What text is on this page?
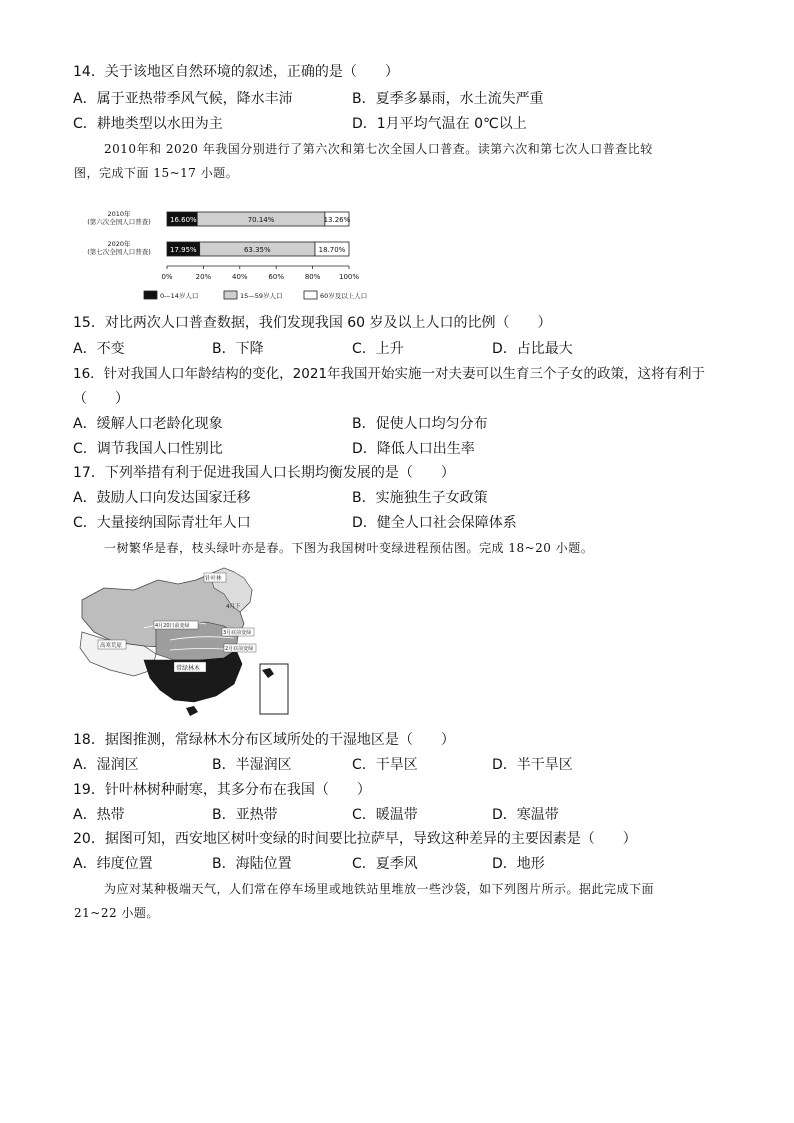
14．关于该地区自然环境的叙述，正确的是（　　）
A．属于亚热带季风气候，降水丰沛	B．夏季多暴雨，水土流失严重
C．耕地类型以水田为主	D．1月平均气温在 0℃以上
2010年和 2020 年我国分别进行了第六次和第七次全国人口普查。读第六次和第七次人口普查比较
图，完成下面 15~17 小题。
2010年
(第六次全国人口普查)
2020年
(第七次全国人口普查)
16.60%	70.14%	13.26%
17.95%	63.35%	18.70%
0%	20%	40%	60%	80%	100%
0—14岁人口	15—59岁人口	60岁及以上人口
15．对比两次人口普查数据，我们发现我国 60 岁及以上人口的比例（　　）
A．不变	B．下降	C．上升	D．占比最大
16．针对我国人口年龄结构的变化，2021年我国开始实施一对夫妻可以生育三个子女的政策，这将有利于
（　　）
A．缓解人口老龄化现象	B．促使人口均匀分布
C．调节我国人口性别比	D．降低人口出生率
17．下列举措有利于促进我国人口长期均衡发展的是（　　）
A．鼓励人口向发达国家迁移	B．实施独生子女政策
C．大量接纳国际青壮年人口	D．健全人口社会保障体系
一树繁华是春，枝头绿叶亦是春。下图为我国树叶变绿进程预估图。完成 18~20 小题。
针叶林
4月下
4月20日前变绿
3月底前变绿
2月底前变绿
高寒荒原
常绿林木
18．据图推测，常绿林木分布区域所处的干湿地区是（　　）
A．湿润区	B．半湿润区	C．干旱区	D．半干旱区
19．针叶林树种耐寒，其多分布在我国（　　）
A．热带	B．亚热带	C．暖温带	D．寒温带
20．据图可知，西安地区树叶变绿的时间要比拉萨早，导致这种差异的主要因素是（　　）
A．纬度位置	B．海陆位置	C．夏季风	D．地形
为应对某种极端天气，人们常在停车场里或地铁站里堆放一些沙袋，如下列图片所示。据此完成下面
21~22 小题。
